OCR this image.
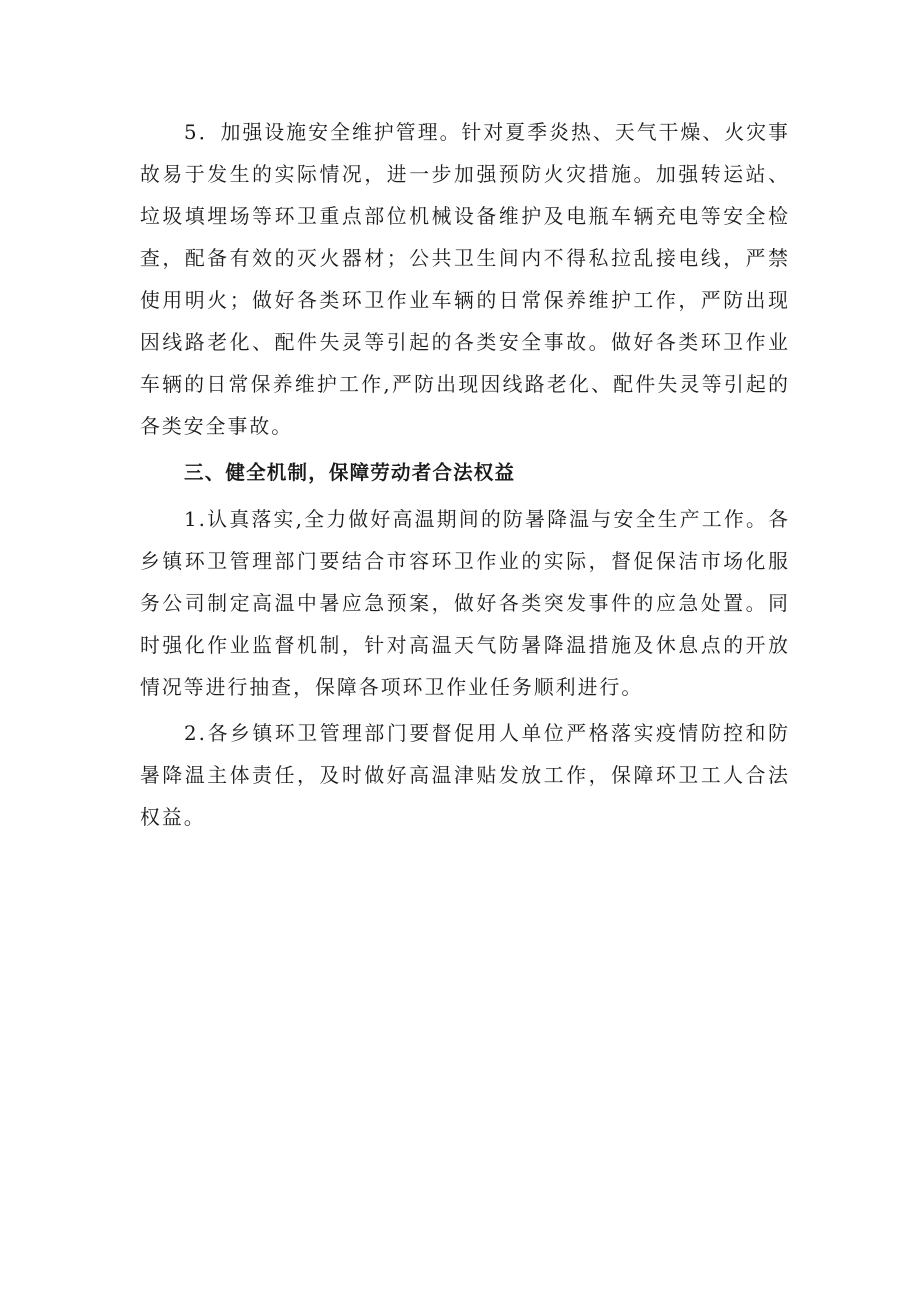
5．加强设施安全维护管理。针对夏季炎热、天气干燥、火灾事故易于发生的实际情况，进一步加强预防火灾措施。加强转运站、垃圾填埋场等环卫重点部位机械设备维护及电瓶车辆充电等安全检查，配备有效的灭火器材；公共卫生间内不得私拉乱接电线，严禁使用明火；做好各类环卫作业车辆的日常保养维护工作，严防出现因线路老化、配件失灵等引起的各类安全事故。做好各类环卫作业车辆的日常保养维护工作,严防出现因线路老化、配件失灵等引起的各类安全事故。

三、健全机制，保障劳动者合法权益

1.认真落实,全力做好高温期间的防暑降温与安全生产工作。各乡镇环卫管理部门要结合市容环卫作业的实际，督促保洁市场化服务公司制定高温中暑应急预案，做好各类突发事件的应急处置。同时强化作业监督机制，针对高温天气防暑降温措施及休息点的开放情况等进行抽查，保障各项环卫作业任务顺利进行。

2.各乡镇环卫管理部门要督促用人单位严格落实疫情防控和防暑降温主体责任，及时做好高温津贴发放工作，保障环卫工人合法权益。
